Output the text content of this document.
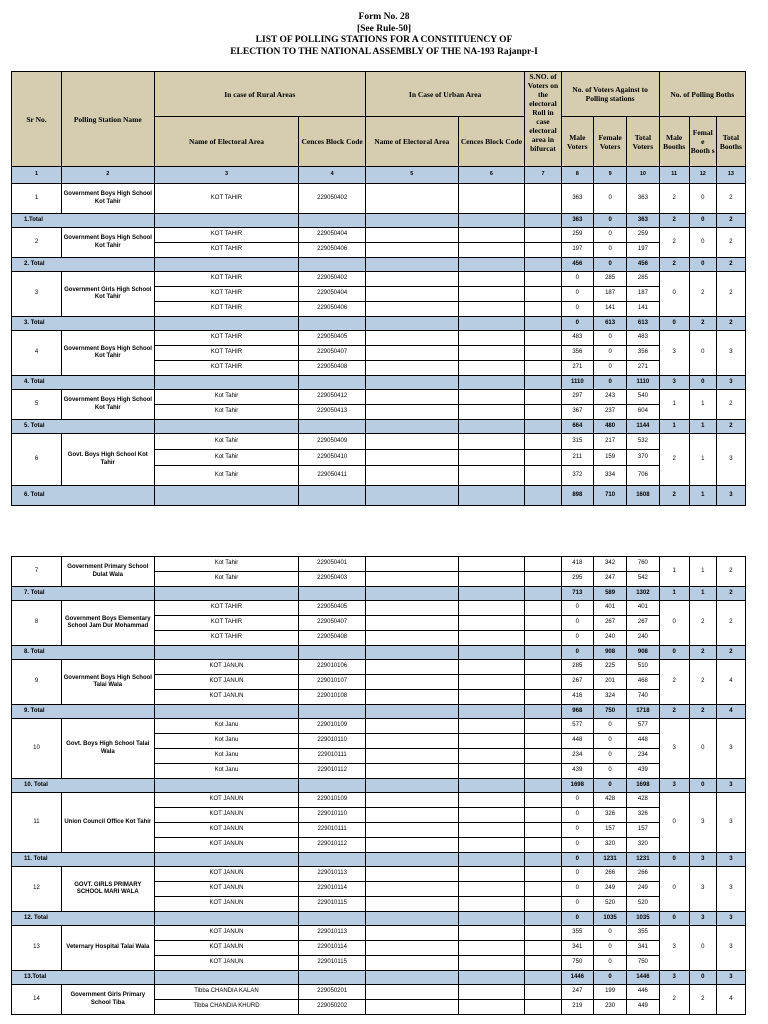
Form No. 28
[See Rule-50]
LIST OF POLLING STATIONS FOR A CONSTITUENCY OF
ELECTION TO THE NATIONAL ASSEMBLY OF THE NA-193 Rajanpr-I
Sr No.	Polling Station Name	In case of Rural Areas		In Case of Urban Area		S.NO. of Voters on the electoral Roll in case electoral area in bifurcat	No. of Voters Against to Polling stations			No. of Polling Boths		
		Name of Electoral Area	Cences Block Code	Name of Electoral Area	Cences Block Code		Male Voters	Female Voters	Total Voters	Male Booths	Femal e Booth s	Total Booths
1	2	3	4	5	6	7	8	9	10	11	12	13
1	Government Boys High School Kot Tahir	KOT TAHIR	229050402				363	0	363	2	0	2
1.Total							363	0	363	2	0	2
2	Government Boys High School Kot Tahir	KOT TAHIR	229050404				259	0	259	2	0	2
		KOT TAHIR	229050406				197	0	197			
2. Total							456	0	456	2	0	2
3	Government Girls High School Kot Tahir	KOT TAHIR	229050402				0	285	285	0	2	2
		KOT TAHIR	229050404				0	187	187			
		KOT TAHIR	229050406				0	141	141			
3. Total							0	613	613	0	2	2
4	Government Boys High School Kot Tahir	KOT TAHIR	229050405				483	0	483	3	0	3
		KOT TAHIR	229050407				356	0	356			
		KOT TAHIR	229050408				271	0	271			
4. Total							1110	0	1110	3	0	3
5	Government Boys High School Kot Tahir	Kot Tahir	229050412				297	243	540	1	1	2
		Kot Tahir	229050413				367	237	604			
5. Total							664	480	1144	1	1	2
6	Govt. Boys High School Kot Tahir	Kot Tahir	229050409				315	217	532	2	1	3
		Kot Tahir	229050410				211	159	370			
		Kot Tahir	229050411				372	334	706			
6. Total							898	710	1608	2	1	3
7	Government Primary School Dulat Wala	Kot Tahir	229050401				418	342	760	1	1	2
		Kot Tahir	229050403				295	247	542			
7. Total							713	589	1302	1	1	2
8	Government Boys Elementary School Jam Dur Mohammad	KOT TAHIR	229050405				0	401	401	0	2	2
		KOT TAHIR	229050407				0	267	267			
		KOT TAHIR	229050408				0	240	240			
8. Total							0	908	908	0	2	2
9	Government Boys High School Talai Wala	KOT JANUN	229010106				285	225	510	2	2	4
		KOT JANUN	229010107				267	201	468			
		KOT JANUN	229010108				416	324	740			
9. Total							968	750	1718	2	2	4
10	Govt. Boys High School Talai Wala	Kot Janu	229010109				577	0	577	3	0	3
		Kot Janu	229010110				448	0	448			
		Kot Janu	229010111				234	0	234			
		Kot Janu	229010112				439	0	439			
10. Total							1698	0	1698	3	0	3
11	Union Council Office Kot Tahir	KOT JANUN	229010109				0	428	428	0	3	3
		KOT JANUN	229010110				0	326	326			
		KOT JANUN	229010111				0	157	157			
		KOT JANUN	229010112				0	320	320			
11. Total							0	1231	1231	0	3	3
12	GOVT. GIRLS PRIMARY SCHOOL MARI WALA	KOT JANUN	229010113				0	266	266	0	3	3
		KOT JANUN	229010114				0	249	249			
		KOT JANUN	229010115				0	520	520			
12. Total							0	1035	1035	0	3	3
13	Veternary Hospital Talai Wala	KOT JANUN	229010113				355	0	355	3	0	3
		KOT JANUN	229010114				341	0	341			
		KOT JANUN	229010115				750	0	750			
13.Total							1446	0	1446	3	0	3
14	Government Girls Primary School Tiba	Tibba CHANDIA KALAN	229050201				247	199	446	2	2	4
		Tibba CHANDIA KHURD	229050202				219	230	449			
